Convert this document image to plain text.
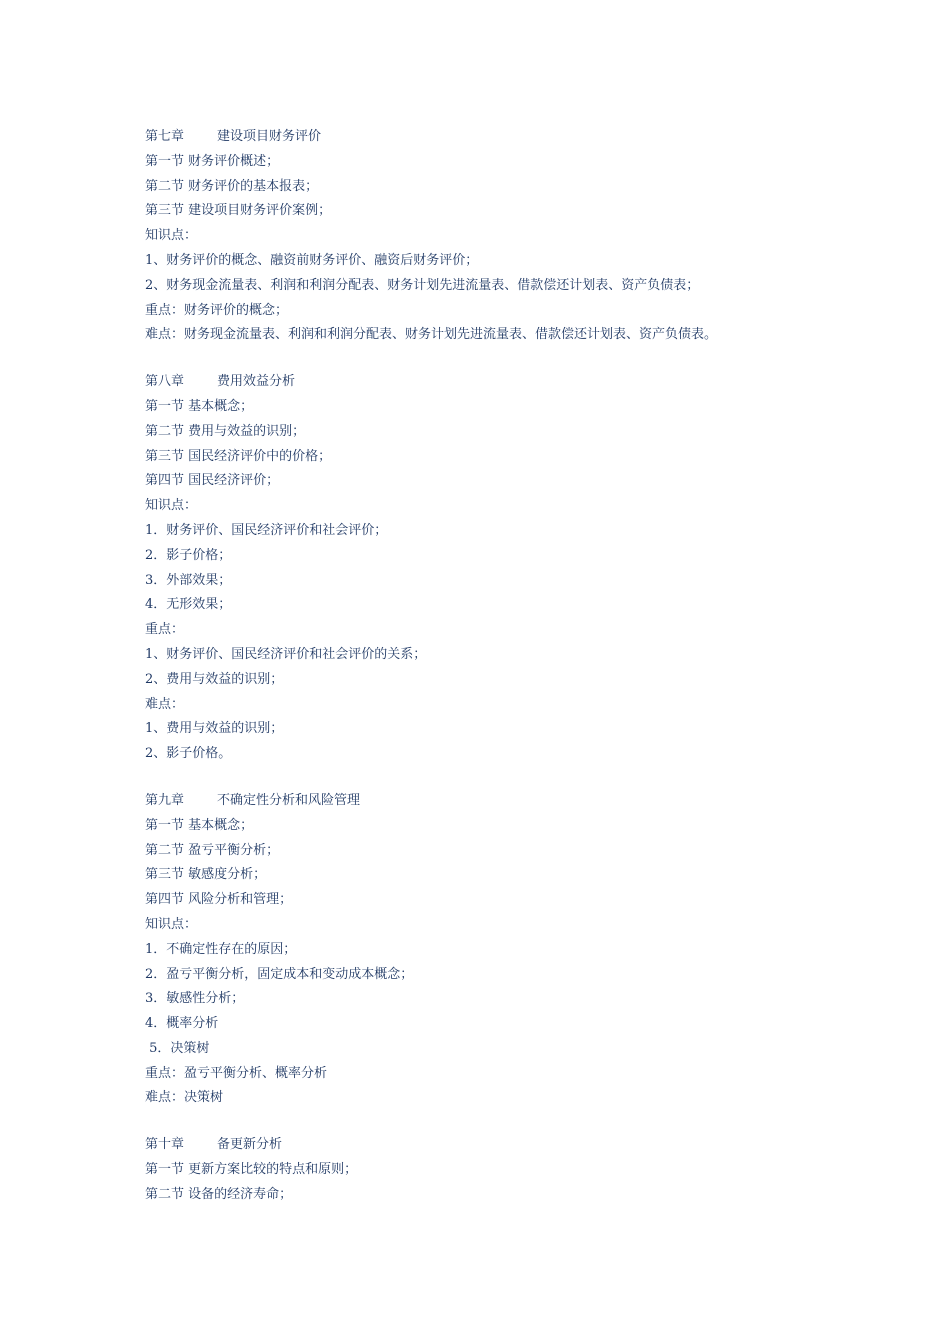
第七章        建设项目财务评价
第一节 财务评价概述；
第二节 财务评价的基本报表；
第三节 建设项目财务评价案例；
知识点：
1、财务评价的概念、融资前财务评价、融资后财务评价；
2、财务现金流量表、利润和利润分配表、财务计划先进流量表、借款偿还计划表、资产负债表；
重点：财务评价的概念；
难点：财务现金流量表、利润和利润分配表、财务计划先进流量表、借款偿还计划表、资产负债表。
第八章        费用效益分析
第一节 基本概念；
第二节 费用与效益的识别；
第三节 国民经济评价中的价格；
第四节 国民经济评价；
知识点：
1．财务评价、国民经济评价和社会评价；
2．影子价格；
3．外部效果；
4．无形效果；
重点：
1、财务评价、国民经济评价和社会评价的关系；
2、费用与效益的识别；
难点：
1、费用与效益的识别；
2、影子价格。
第九章        不确定性分析和风险管理
第一节 基本概念；
第二节 盈亏平衡分析；
第三节 敏感度分析；
第四节 风险分析和管理；
知识点：
1．不确定性存在的原因；
2．盈亏平衡分析，固定成本和变动成本概念；
3．敏感性分析；
4．概率分析
5．决策树
重点：盈亏平衡分析、概率分析
难点：决策树
第十章        备更新分析
第一节 更新方案比较的特点和原则；
第二节 设备的经济寿命；
